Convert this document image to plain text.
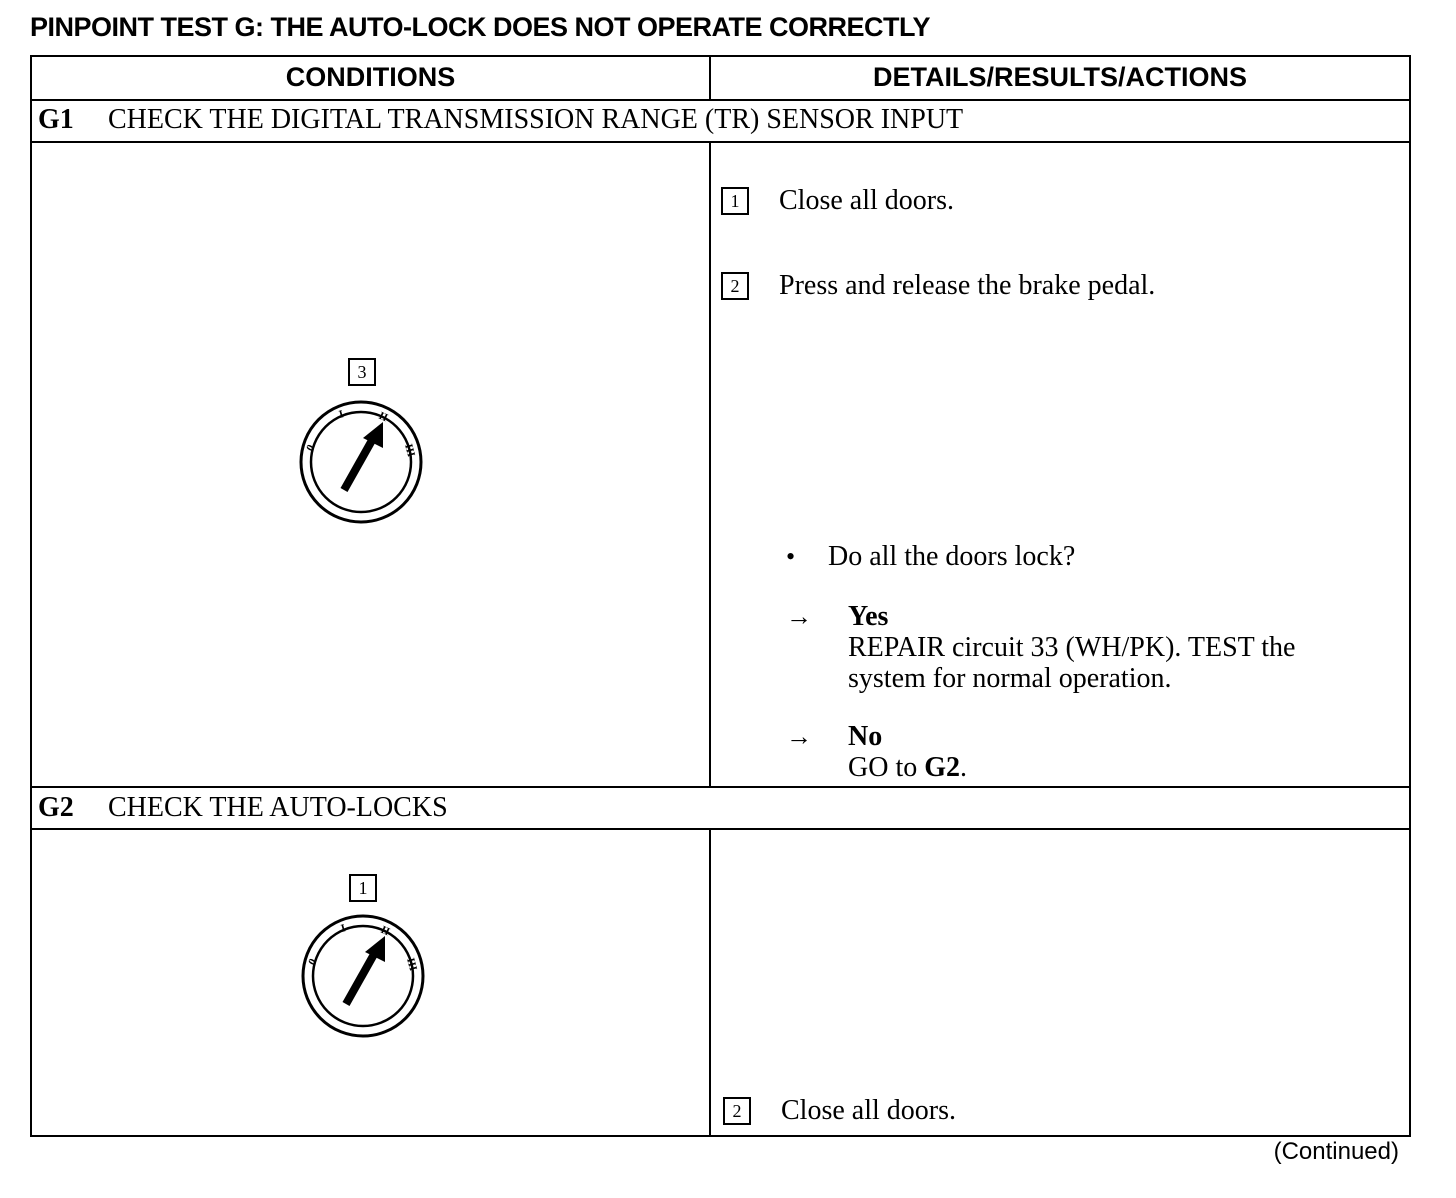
PINPOINT TEST G: THE AUTO-LOCK DOES NOT OPERATE CORRECTLY
CONDITIONS	DETAILS/RESULTS/ACTIONS
G1 CHECK THE DIGITAL TRANSMISSION RANGE (TR) SENSOR INPUT
3
0
I	II
III
1	Close all doors.
2	Press and release the brake pedal.
• Do all the doors lock?
→ Yes
REPAIR circuit 33 (WH/PK). TEST the
system for normal operation.
→ No
GO to G2.
G2 CHECK THE AUTO-LOCKS
1
0
I	II
III
2	Close all doors.
(Continued)
